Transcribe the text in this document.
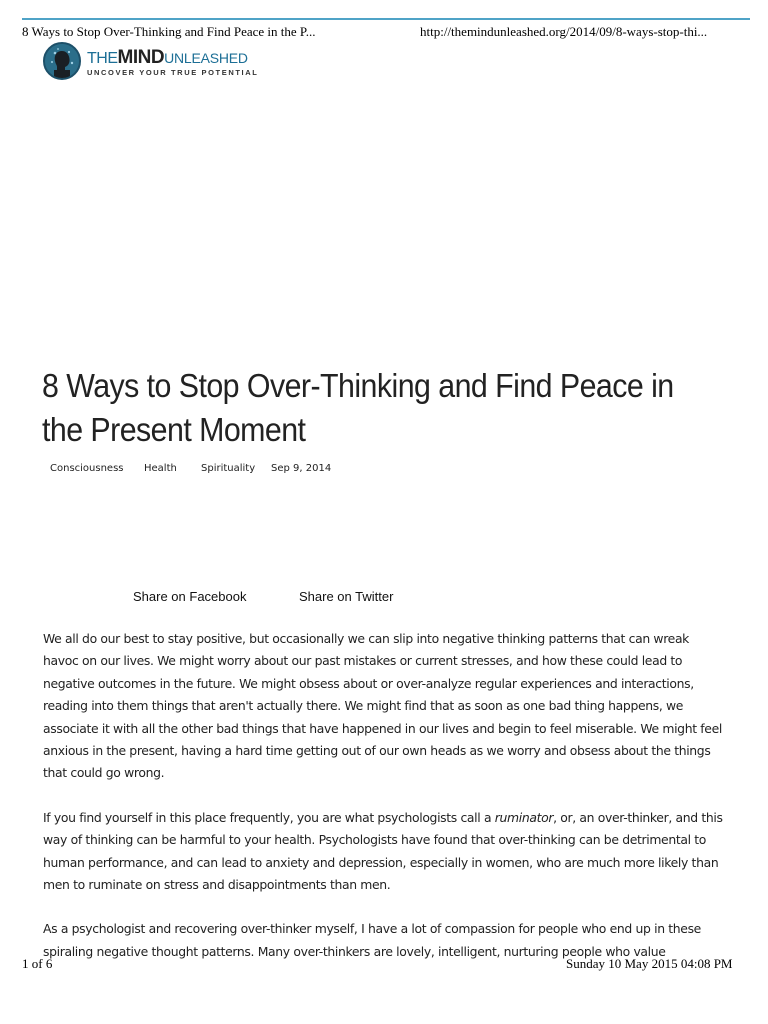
8 Ways to Stop Over-Thinking and Find Peace in the P...	http://themindunleashed.org/2014/09/8-ways-stop-thi...
THEMINDUNLEASHED
UNCOVER YOUR TRUE POTENTIAL
8 Ways to Stop Over-Thinking and Find Peace in the Present Moment
Consciousness Health Spirituality Sep 9, 2014
Share on Facebook	Share on Twitter

We all do our best to stay positive, but occasionally we can slip into negative thinking patterns that can wreak havoc on our lives. We might worry about our past mistakes or current stresses, and how these could lead to negative outcomes in the future. We might obsess about or over-analyze regular experiences and interactions, reading into them things that aren't actually there. We might find that as soon as one bad thing happens, we associate it with all the other bad things that have happened in our lives and begin to feel miserable. We might feel anxious in the present, having a hard time getting out of our own heads as we worry and obsess about the things that could go wrong.

If you find yourself in this place frequently, you are what psychologists call a ruminator, or, an over-thinker, and this way of thinking can be harmful to your health. Psychologists have found that over-thinking can be detrimental to human performance, and can lead to anxiety and depression, especially in women, who are much more likely than men to ruminate on stress and disappointments than men.

As a psychologist and recovering over-thinker myself, I have a lot of compassion for people who end up in these spiraling negative thought patterns. Many over-thinkers are lovely, intelligent, nurturing people who value

1 of 6	Sunday 10 May 2015 04:08 PM
